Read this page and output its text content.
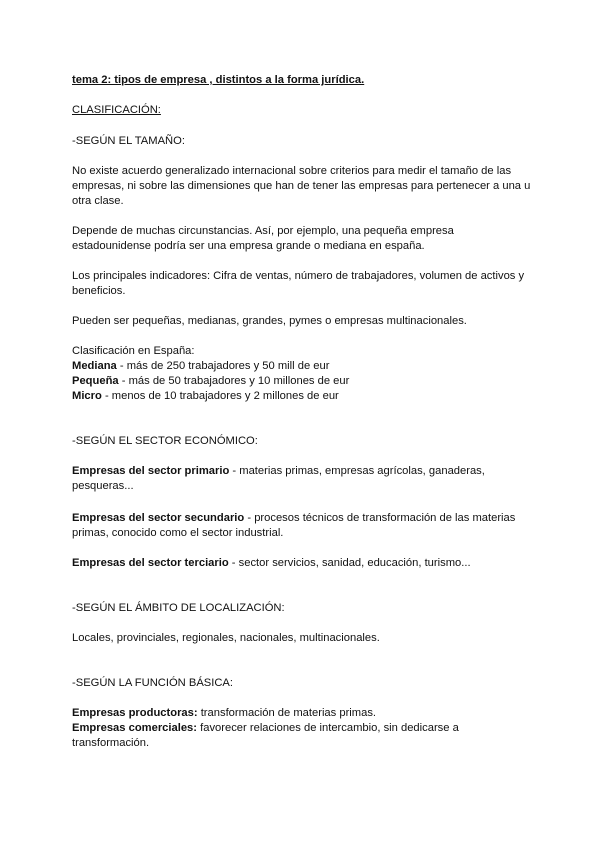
tema 2: tipos de empresa , distintos a la forma jurídica.
CLASIFICACIÓN:
-SEGÚN EL TAMAÑO:
No existe acuerdo generalizado internacional sobre criterios para medir el tamaño de las
empresas, ni sobre las dimensiones que han de tener las empresas para pertenecer a una u
otra clase.
Depende de muchas circunstancias. Así, por ejemplo, una pequeña empresa
estadounidense podría ser una empresa grande o mediana en españa.
Los principales indicadores: Cifra de ventas, número de trabajadores, volumen de activos y
beneficios.
Pueden ser pequeñas, medianas, grandes, pymes o empresas multinacionales.
Clasificación en España:
Mediana - más de 250 trabajadores y 50 mill de eur
Pequeña - más de 50 trabajadores y 10 millones de eur
Micro - menos de 10 trabajadores y 2 millones de eur
-SEGÚN EL SECTOR ECONÓMICO:
Empresas del sector primario - materias primas, empresas agrícolas, ganaderas,
pesqueras...
Empresas del sector secundario - procesos técnicos de transformación de las materias
primas, conocido como el sector industrial.
Empresas del sector terciario - sector servicios, sanidad, educación, turismo...
-SEGÚN EL ÁMBITO DE LOCALIZACIÓN:
Locales, provinciales, regionales, nacionales, multinacionales.
-SEGÚN LA FUNCIÓN BÁSICA:
Empresas productoras: transformación de materias primas.
Empresas comerciales: favorecer relaciones de intercambio, sin dedicarse a
transformación.
